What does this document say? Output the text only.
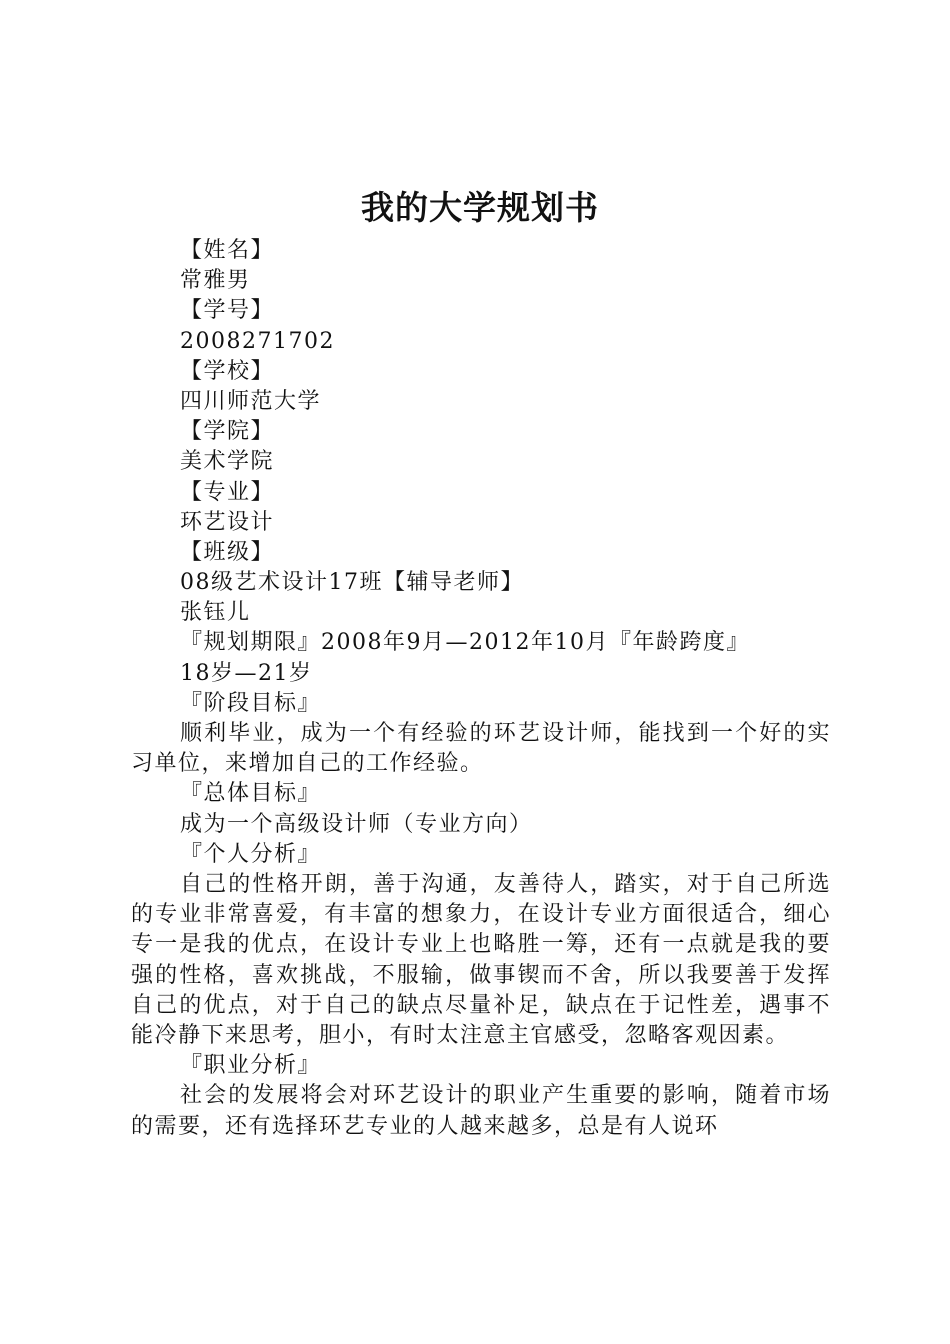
我的大学规划书
【姓名】
常雅男
【学号】
2008271702
【学校】
四川师范大学
【学院】
美术学院
【专业】
环艺设计
【班级】
08级艺术设计17班【辅导老师】
张钰儿
『规划期限』2008年9月—2012年10月『年龄跨度』
18岁—21岁
『阶段目标』
顺利毕业，成为一个有经验的环艺设计师，能找到一个好的实习单位，来增加自己的工作经验。
『总体目标』
成为一个高级设计师（专业方向）
『个人分析』
自己的性格开朗，善于沟通，友善待人，踏实，对于自己所选的专业非常喜爱，有丰富的想象力，在设计专业方面很适合，细心专一是我的优点，在设计专业上也略胜一筹，还有一点就是我的要强的性格，喜欢挑战，不服输，做事锲而不舍，所以我要善于发挥自己的优点，对于自己的缺点尽量补足，缺点在于记性差，遇事不能冷静下来思考，胆小，有时太注意主官感受，忽略客观因素。
『职业分析』
社会的发展将会对环艺设计的职业产生重要的影响，随着市场的需要，还有选择环艺专业的人越来越多，总是有人说环
